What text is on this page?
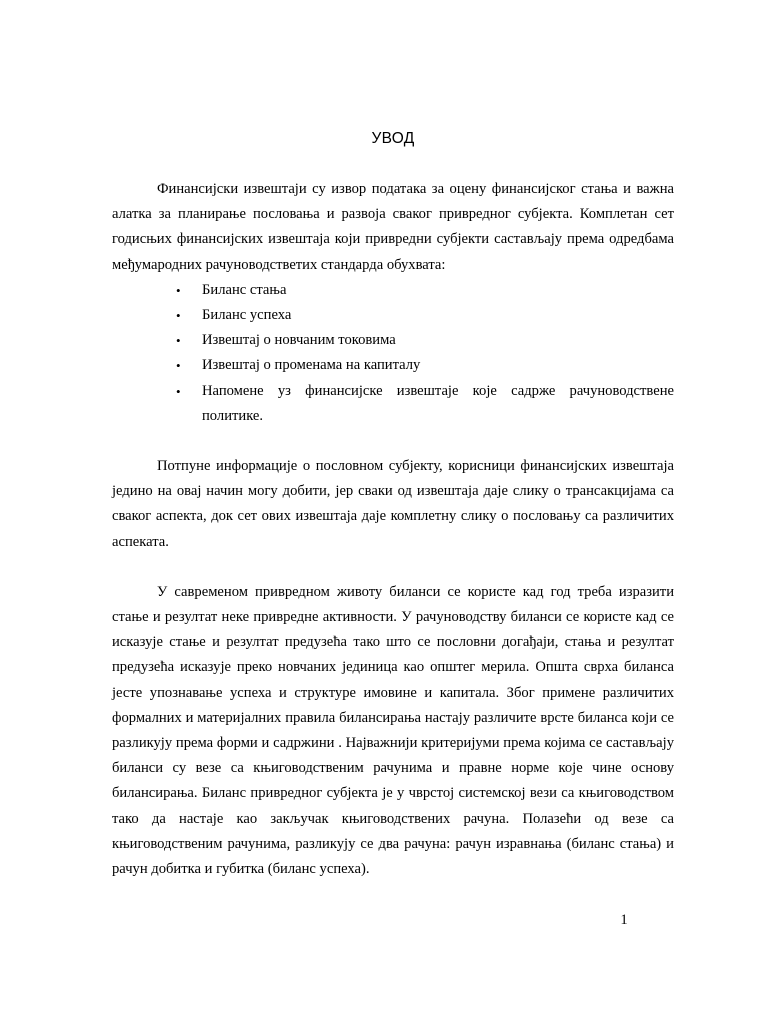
УВОД

Финансијски извештаји су извор података за оцену финансијског стања и важна алатка за планирање пословања и развоја сваког привредног субјекта. Комплетан сет годисњих финансијских извештаја који привредни субјекти састављају према одредбама међумародних рачуноводстветих стандарда обухвата:

• Биланс стања
• Биланс успеха
• Извештај о новчаним токовима
• Извештај о променама на капиталу
• Напомене уз финансијске извештаје које садрже рачуноводствене политике.

Потпуне информације о пословном субјекту, корисници финансијских извештаја једино на овај начин могу добити, јер сваки од извештаја даје слику о трансакцијама са сваког аспекта, док сет ових извештаја даје комплетну слику о пословању са различитих аспеката.

У савременом привредном животу биланси се користе кад год треба изразити стање и резултат неке привредне активности. У рачуноводству биланси се користе кад се исказује стање и резултат предузећа тако што се пословни догађаји, стања и резултат предузећа исказује преко новчаних јединица као општег мерила. Општа сврха биланса јесте упознавање успеха и структуре имовине и капитала. Због примене различитих формалних и материјалних правила билансирања настају различите врсте биланса који се разликују према форми и садржини . Најважнији критеријуми према којима се састављају биланси су везе са књиговодственим рачунима и правне норме које чине основу билансирања. Биланс привредног субјекта је у чврстој системској вези са књиговодством тако да настаје као закључак књиговодствених рачуна. Полазећи од везе са књиговодственим рачунима, разликују се два рачуна: рачун изравнања (биланс стања) и рачун добитка и губитка (биланс успеха).

1
